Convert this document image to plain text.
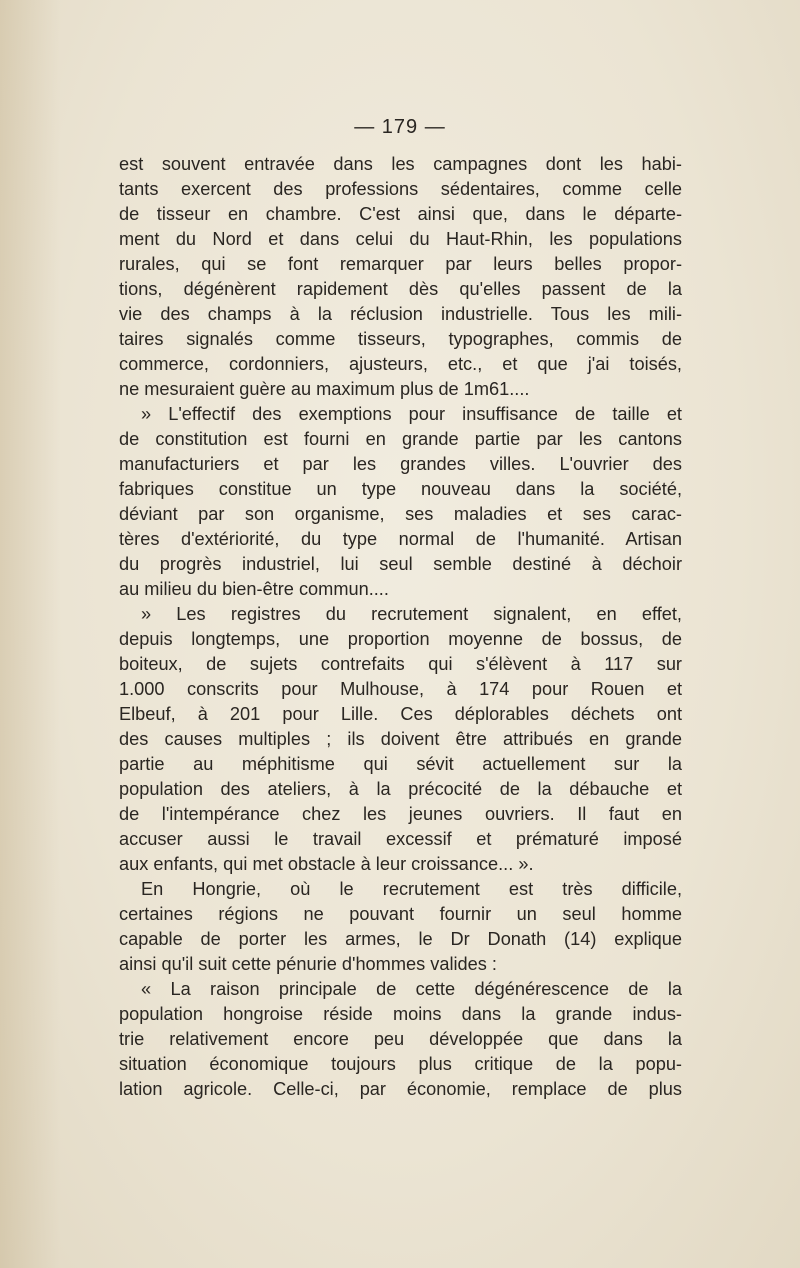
— 179 —
est souvent entravée dans les campagnes dont les habi-
tants exercent des professions sédentaires, comme celle
de tisseur en chambre. C'est ainsi que, dans le départe-
ment du Nord et dans celui du Haut-Rhin, les populations
rurales, qui se font remarquer par leurs belles propor-
tions, dégénèrent rapidement dès qu'elles passent de la
vie des champs à la réclusion industrielle. Tous les mili-
taires signalés comme tisseurs, typographes, commis de
commerce, cordonniers, ajusteurs, etc., et que j'ai toisés,
ne mesuraient guère au maximum plus de 1m61....
» L'effectif des exemptions pour insuffisance de taille et
de constitution est fourni en grande partie par les cantons
manufacturiers et par les grandes villes. L'ouvrier des
fabriques constitue un type nouveau dans la société,
déviant par son organisme, ses maladies et ses carac-
tères d'extériorité, du type normal de l'humanité. Artisan
du progrès industriel, lui seul semble destiné à déchoir
au milieu du bien-être commun....
» Les registres du recrutement signalent, en effet,
depuis longtemps, une proportion moyenne de bossus, de
boiteux, de sujets contrefaits qui s'élèvent à 117 sur
1.000 conscrits pour Mulhouse, à 174 pour Rouen et
Elbeuf, à 201 pour Lille. Ces déplorables déchets ont
des causes multiples ; ils doivent être attribués en grande
partie au méphitisme qui sévit actuellement sur la
population des ateliers, à la précocité de la débauche et
de l'intempérance chez les jeunes ouvriers. Il faut en
accuser aussi le travail excessif et prématuré imposé
aux enfants, qui met obstacle à leur croissance... ».
En Hongrie, où le recrutement est très difficile,
certaines régions ne pouvant fournir un seul homme
capable de porter les armes, le Dr Donath (14) explique
ainsi qu'il suit cette pénurie d'hommes valides :
« La raison principale de cette dégénérescence de la
population hongroise réside moins dans la grande indus-
trie relativement encore peu développée que dans la
situation économique toujours plus critique de la popu-
lation agricole. Celle-ci, par économie, remplace de plus
